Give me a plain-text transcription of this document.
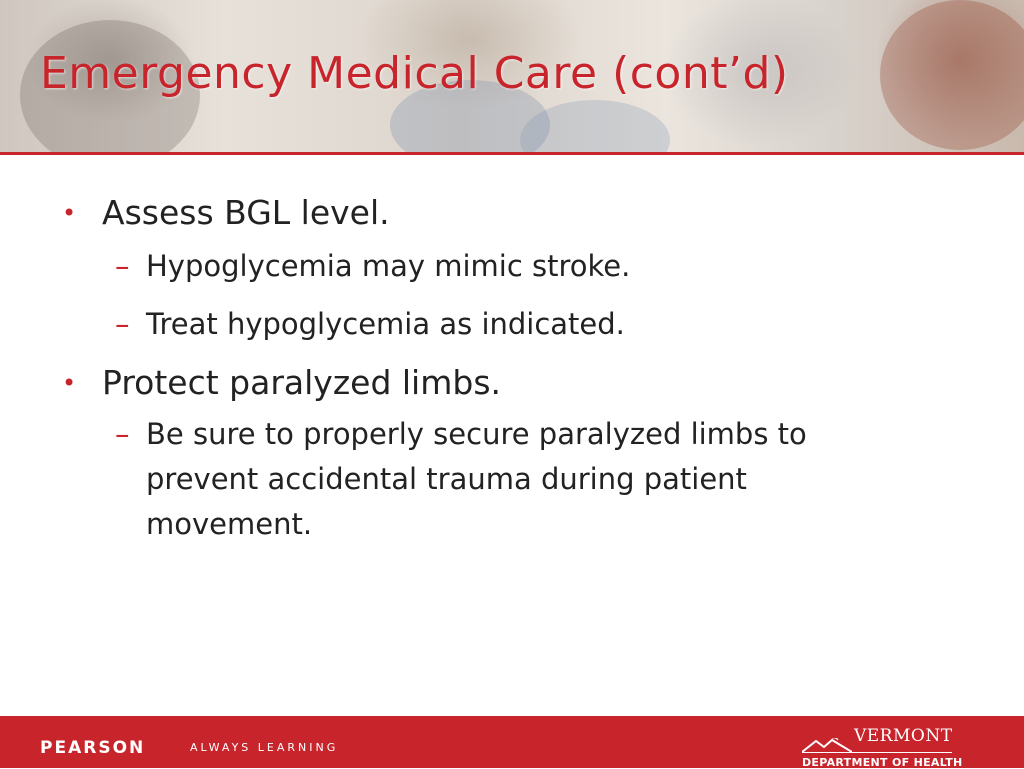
Emergency Medical Care (cont’d)
• Assess BGL level.
– Hypoglycemia may mimic stroke.
– Treat hypoglycemia as indicated.
• Protect paralyzed limbs.
– Be sure to properly secure paralyzed limbs to prevent accidental trauma during patient movement.
PEARSON	ALWAYS LEARNING
VERMONT
DEPARTMENT OF HEALTH
